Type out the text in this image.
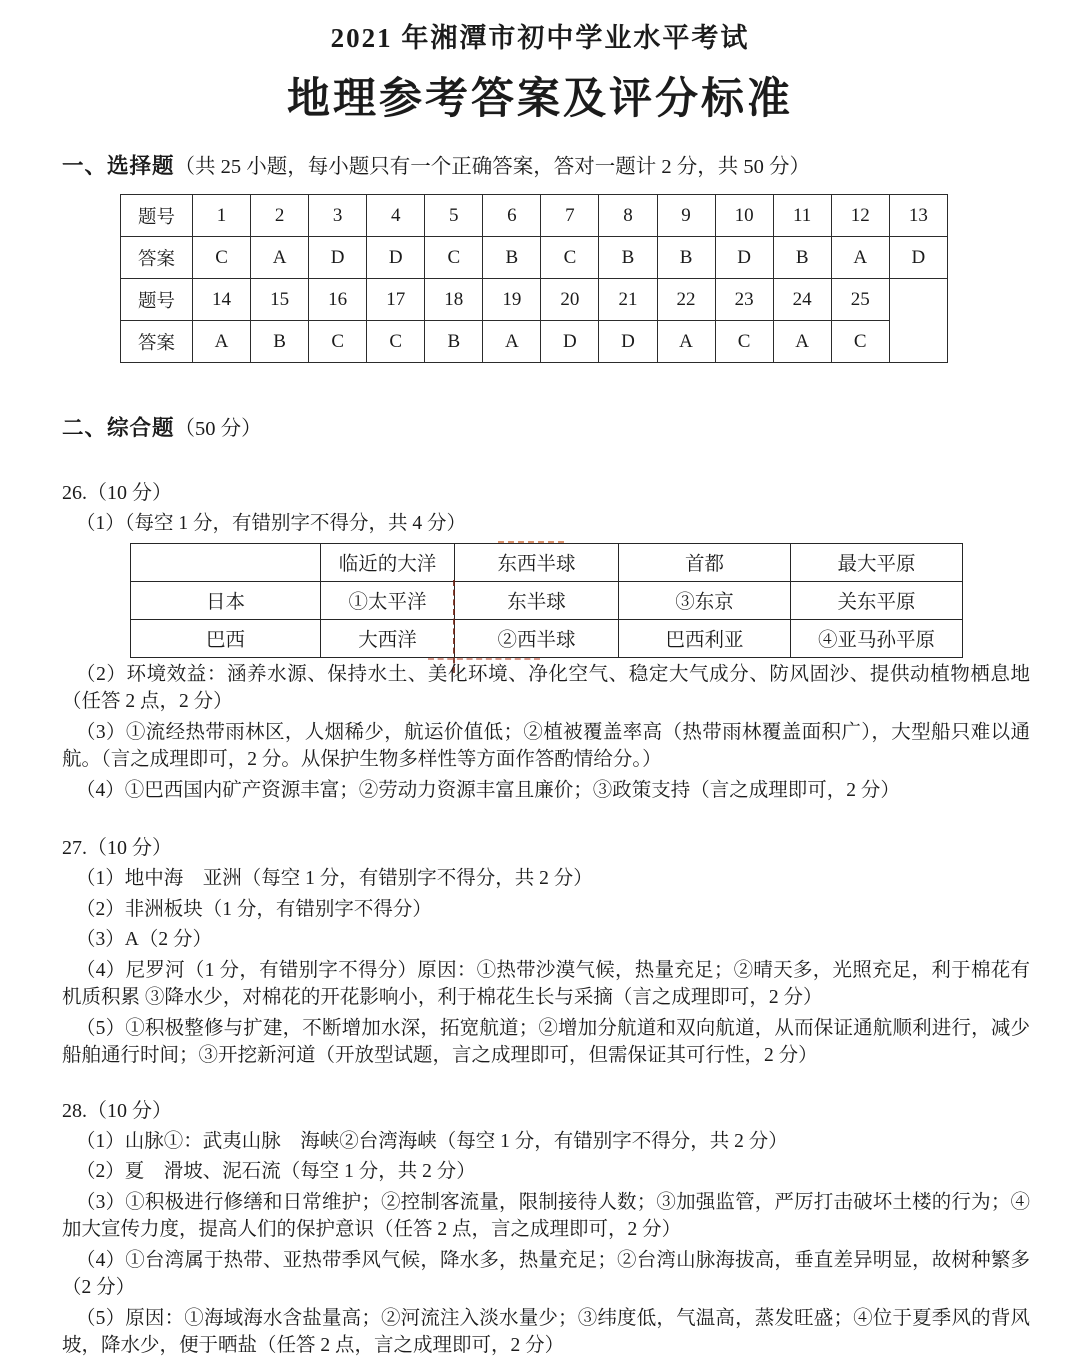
2021 年湘潭市初中学业水平考试
地理参考答案及评分标准

一、选择题（共 25 小题，每小题只有一个正确答案，答对一题计 2 分，共 50 分）

题号	1	2	3	4	5	6	7	8	9	10	11	12	13
答案	C	A	D	D	C	B	C	B	B	D	B	A	D
题号	14	15	16	17	18	19	20	21	22	23	24	25	
答案	A	B	C	C	B	A	D	D	A	C	A	C	

二、综合题（50 分）

26.（10 分）

（1）（每空 1 分，有错别字不得分，共 4 分）

	临近的大洋	东西半球	首都	最大平原
日本	①太平洋	东半球	③东京	关东平原
巴西	大西洋	②西半球	巴西利亚	④亚马孙平原

（2）环境效益：涵养水源、保持水土、美化环境、净化空气、稳定大气成分、防风固沙、提供动植物栖息地（任答 2 点，2 分）

（3）①流经热带雨林区，人烟稀少，航运价值低；②植被覆盖率高（热带雨林覆盖面积广），大型船只难以通航。（言之成理即可，2 分。从保护生物多样性等方面作答酌情给分。）

（4）①巴西国内矿产资源丰富；②劳动力资源丰富且廉价；③政策支持（言之成理即可，2 分）

27.（10 分）

（1）地中海　亚洲（每空 1 分，有错别字不得分，共 2 分）

（2）非洲板块（1 分，有错别字不得分）

（3）A（2 分）

（4）尼罗河（1 分，有错别字不得分）原因：①热带沙漠气候，热量充足；②晴天多，光照充足，利于棉花有机质积累 ③降水少，对棉花的开花影响小，利于棉花生长与采摘（言之成理即可，2 分）

（5）①积极整修与扩建，不断增加水深，拓宽航道；②增加分航道和双向航道，从而保证通航顺利进行，减少船舶通行时间；③开挖新河道（开放型试题，言之成理即可，但需保证其可行性，2 分）

28.（10 分）

（1）山脉①：武夷山脉　海峡②台湾海峡（每空 1 分，有错别字不得分，共 2 分）

（2）夏　滑坡、泥石流（每空 1 分，共 2 分）

（3）①积极进行修缮和日常维护；②控制客流量，限制接待人数；③加强监管，严厉打击破坏土楼的行为；④加大宣传力度，提高人们的保护意识（任答 2 点，言之成理即可，2 分）

（4）①台湾属于热带、亚热带季风气候，降水多，热量充足；②台湾山脉海拔高，垂直差异明显，故树种繁多（2 分）

（5）原因：①海域海水含盐量高；②河流注入淡水量少；③纬度低，气温高，蒸发旺盛；④位于夏季风的背风坡，降水少，便于晒盐（任答 2 点，言之成理即可，2 分）
